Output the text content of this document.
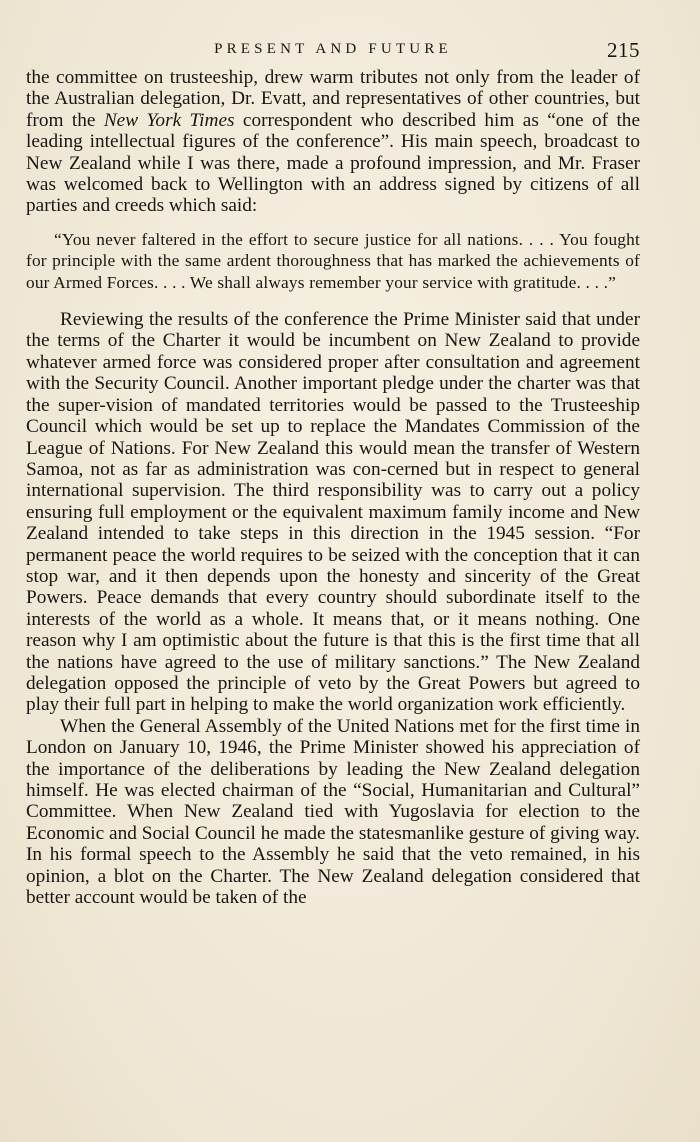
PRESENT AND FUTURE	215

the committee on trusteeship, drew warm tributes not only from the leader of the Australian delegation, Dr. Evatt, and representatives of other countries, but from the New York Times correspondent who described him as “one of the leading intellectual figures of the conference”. His main speech, broadcast to New Zealand while I was there, made a profound impression, and Mr. Fraser was welcomed back to Wellington with an address signed by citizens of all parties and creeds which said:

“You never faltered in the effort to secure justice for all nations. . . . You fought for principle with the same ardent thoroughness that has marked the achievements of our Armed Forces. . . . We shall always remember your service with gratitude. . . .”

Reviewing the results of the conference the Prime Minister said that under the terms of the Charter it would be incumbent on New Zealand to provide whatever armed force was considered proper after consultation and agreement with the Security Council. Another important pledge under the charter was that the super-vision of mandated territories would be passed to the Trusteeship Council which would be set up to replace the Mandates Commission of the League of Nations. For New Zealand this would mean the transfer of Western Samoa, not as far as administration was con-cerned but in respect to general international supervision. The third responsibility was to carry out a policy ensuring full employment or the equivalent maximum family income and New Zealand intended to take steps in this direction in the 1945 session. “For permanent peace the world requires to be seized with the conception that it can stop war, and it then depends upon the honesty and sincerity of the Great Powers. Peace demands that every country should subordinate itself to the interests of the world as a whole. It means that, or it means nothing. One reason why I am optimistic about the future is that this is the first time that all the nations have agreed to the use of military sanctions.” The New Zealand delegation opposed the principle of veto by the Great Powers but agreed to play their full part in helping to make the world organization work efficiently.

When the General Assembly of the United Nations met for the first time in London on January 10, 1946, the Prime Minister showed his appreciation of the importance of the deliberations by leading the New Zealand delegation himself. He was elected chairman of the “Social, Humanitarian and Cultural” Committee. When New Zealand tied with Yugoslavia for election to the Economic and Social Council he made the statesmanlike gesture of giving way. In his formal speech to the Assembly he said that the veto remained, in his opinion, a blot on the Charter. The New Zealand delegation considered that better account would be taken of the
